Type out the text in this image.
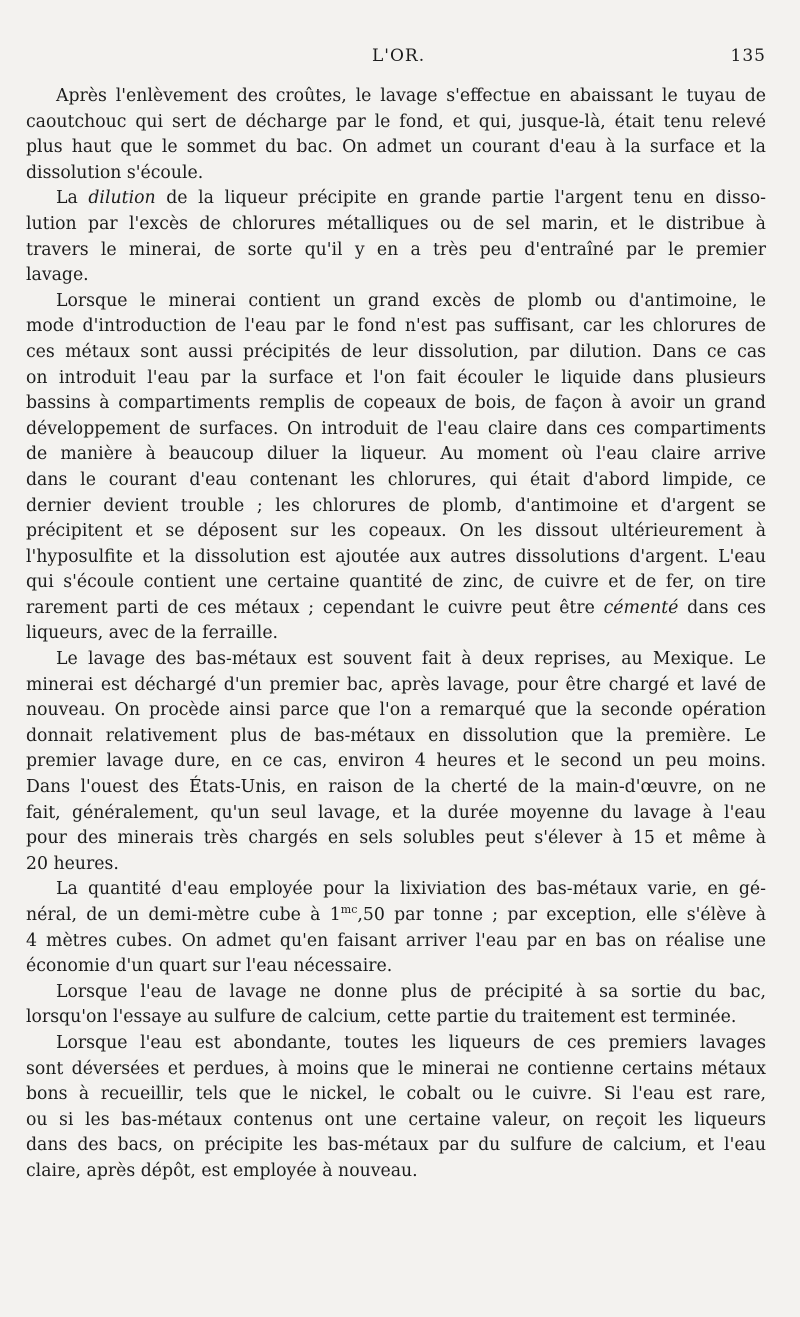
L'OR.	135

Après l'enlèvement des croûtes, le lavage s'effectue en abaissant le tuyau de
caoutchouc qui sert de décharge par le fond, et qui, jusque-là, était tenu relevé
plus haut que le sommet du bac. On admet un courant d'eau à la surface et la
dissolution s'écoule.

La dilution de la liqueur précipite en grande partie l'argent tenu en disso-
lution par l'excès de chlorures métalliques ou de sel marin, et le distribue à
travers le minerai, de sorte qu'il y en a très peu d'entraîné par le premier
lavage.

Lorsque le minerai contient un grand excès de plomb ou d'antimoine, le
mode d'introduction de l'eau par le fond n'est pas suffisant, car les chlorures de
ces métaux sont aussi précipités de leur dissolution, par dilution. Dans ce cas
on introduit l'eau par la surface et l'on fait écouler le liquide dans plusieurs
bassins à compartiments remplis de copeaux de bois, de façon à avoir un grand
développement de surfaces. On introduit de l'eau claire dans ces compartiments
de manière à beaucoup diluer la liqueur. Au moment où l'eau claire arrive
dans le courant d'eau contenant les chlorures, qui était d'abord limpide, ce
dernier devient trouble ; les chlorures de plomb, d'antimoine et d'argent se
précipitent et se déposent sur les copeaux. On les dissout ultérieurement à
l'hyposulfite et la dissolution est ajoutée aux autres dissolutions d'argent. L'eau
qui s'écoule contient une certaine quantité de zinc, de cuivre et de fer, on tire
rarement parti de ces métaux ; cependant le cuivre peut être cémenté dans ces
liqueurs, avec de la ferraille.

Le lavage des bas-métaux est souvent fait à deux reprises, au Mexique. Le
minerai est déchargé d'un premier bac, après lavage, pour être chargé et lavé de
nouveau. On procède ainsi parce que l'on a remarqué que la seconde opération
donnait relativement plus de bas-métaux en dissolution que la première. Le
premier lavage dure, en ce cas, environ 4 heures et le second un peu moins.
Dans l'ouest des États-Unis, en raison de la cherté de la main-d'œuvre, on ne
fait, généralement, qu'un seul lavage, et la durée moyenne du lavage à l'eau
pour des minerais très chargés en sels solubles peut s'élever à 15 et même à
20 heures.

La quantité d'eau employée pour la lixiviation des bas-métaux varie, en gé-
néral, de un demi-mètre cube à $1^{mc},50$ par tonne ; par exception, elle s'élève à
4 mètres cubes. On admet qu'en faisant arriver l'eau par en bas on réalise une
économie d'un quart sur l'eau nécessaire.

Lorsque l'eau de lavage ne donne plus de précipité à sa sortie du bac,
lorsqu'on l'essaye au sulfure de calcium, cette partie du traitement est terminée.

Lorsque l'eau est abondante, toutes les liqueurs de ces premiers lavages
sont déversées et perdues, à moins que le minerai ne contienne certains métaux
bons à recueillir, tels que le nickel, le cobalt ou le cuivre. Si l'eau est rare,
ou si les bas-métaux contenus ont une certaine valeur, on reçoit les liqueurs
dans des bacs, on précipite les bas-métaux par du sulfure de calcium, et l'eau
claire, après dépôt, est employée à nouveau.
